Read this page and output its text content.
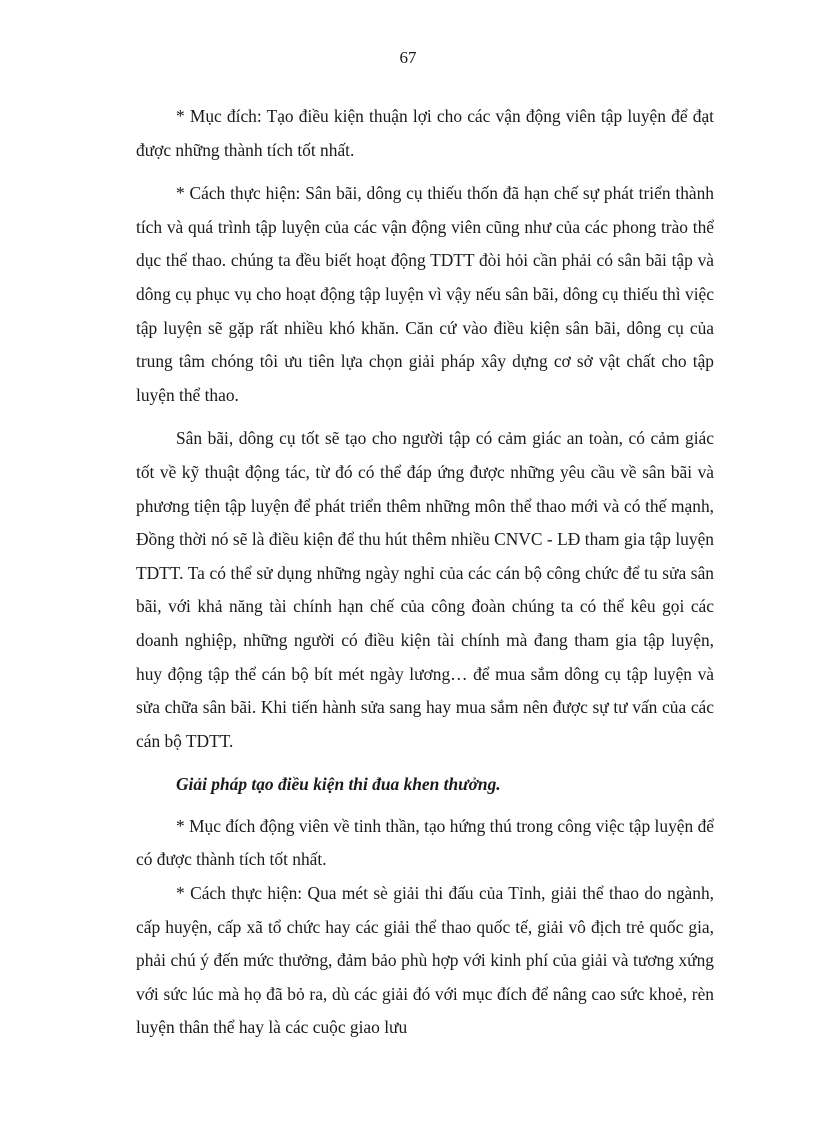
67

* Mục đích: Tạo điều kiện thuận lợi cho các vận động viên tập luyện để đạt được những thành tích tốt nhất.

* Cách thực hiện: Sân bãi, dông cụ thiếu thốn đã hạn chế sự phát triển thành tích và quá trình tập luyện của các vận động viên cũng như của các phong trào thể dục thể thao. chúng ta đều biết hoạt động TDTT đòi hỏi cần phải có sân bãi tập và dông cụ phục vụ cho hoạt động tập luyện vì vậy nếu sân bãi, dông cụ thiếu thì việc tập luyện sẽ gặp rất nhiều khó khăn. Căn cứ vào điều kiện sân bãi, dông cụ của trung tâm chóng tôi ưu tiên lựa chọn giải pháp xây dựng cơ sở vật chất cho tập luyện thể thao.

Sân bãi, dông cụ tốt sẽ tạo cho người tập có cảm giác an toàn, có cảm giác tốt về kỹ thuật động tác, từ đó có thể đáp ứng được những yêu cầu về sân bãi và phương tiện tập luyện để phát triển thêm những môn thể thao mới và có thế mạnh, Đồng thời nó sẽ là điều kiện để thu hút thêm nhiều CNVC - LĐ tham gia tập luyện TDTT. Ta có thể sử dụng những ngày nghỉ của các cán bộ công chức để tu sửa sân bãi, với khả năng tài chính hạn chế của công đoàn chúng ta có thể kêu gọi các doanh nghiệp, những người có điều kiện tài chính mà đang tham gia tập luyện, huy động tập thể cán bộ bít mét ngày lương… để mua sắm dông cụ tập luyện và sửa chữa sân bãi. Khi tiến hành sửa sang hay mua sắm nên được sự tư vấn của các cán bộ TDTT.

Giải pháp tạo điều kiện thi đua khen thưởng.

* Mục đích động viên về tinh thần, tạo hứng thú trong công việc tập luyện để có được thành tích tốt nhất.

* Cách thực hiện: Qua mét sè giải thi đấu của Tỉnh, giải thể thao do ngành, cấp huyện, cấp xã tổ chức hay các giải thể thao quốc tế, giải vô địch trẻ quốc gia, phải chú ý đến mức thưởng, đảm bảo phù hợp với kinh phí của giải và tương xứng với sức lúc mà họ đã bỏ ra, dù các giải đó với mục đích để nâng cao sức khoẻ, rèn luyện thân thể hay là các cuộc giao lưu
